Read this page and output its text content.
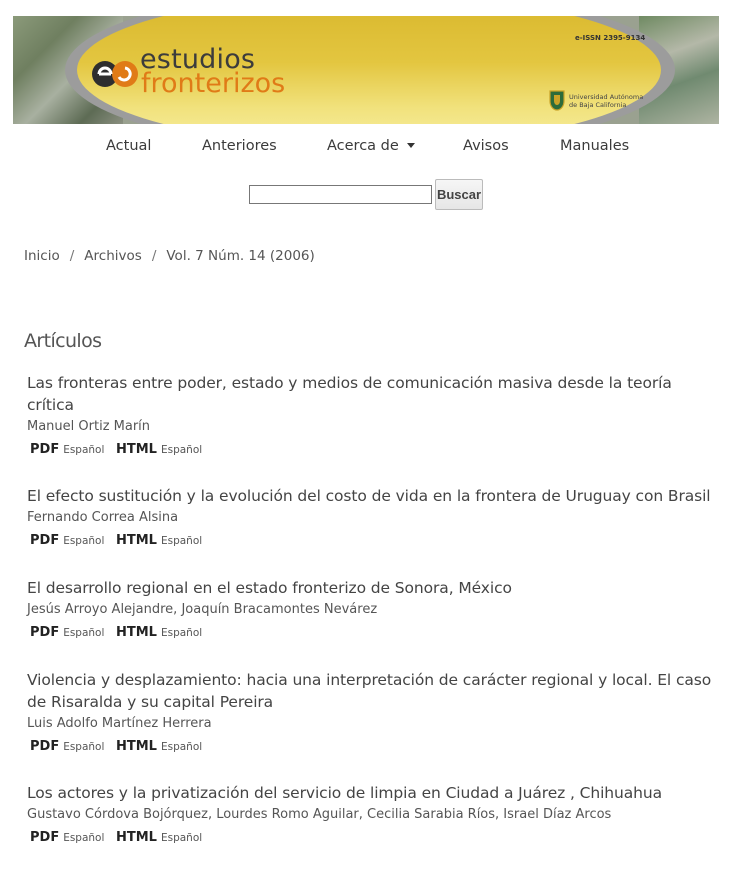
estudios
fronterizos
e-ISSN 2395-9134
Universidad Autónoma
de Baja California
Actual	Anteriores	Acerca de	Avisos	Manuales
Buscar
Inicio / Archivos / Vol. 7 Núm. 14 (2006)
Artículos
Las fronteras entre poder, estado y medios de comunicación masiva desde la teoría crítica
Manuel Ortiz Marín
PDF Español HTML Español
El efecto sustitución y la evolución del costo de vida en la frontera de Uruguay con Brasil
Fernando Correa Alsina
PDF Español HTML Español
El desarrollo regional en el estado fronterizo de Sonora, México
Jesús Arroyo Alejandre, Joaquín Bracamontes Nevárez
PDF Español HTML Español
Violencia y desplazamiento: hacia una interpretación de carácter regional y local. El caso de Risaralda y su capital Pereira
Luis Adolfo Martínez Herrera
PDF Español HTML Español
Los actores y la privatización del servicio de limpia en Ciudad a Juárez , Chihuahua
Gustavo Córdova Bojórquez, Lourdes Romo Aguilar, Cecilia Sarabia Ríos, Israel Díaz Arcos
PDF Español HTML Español
